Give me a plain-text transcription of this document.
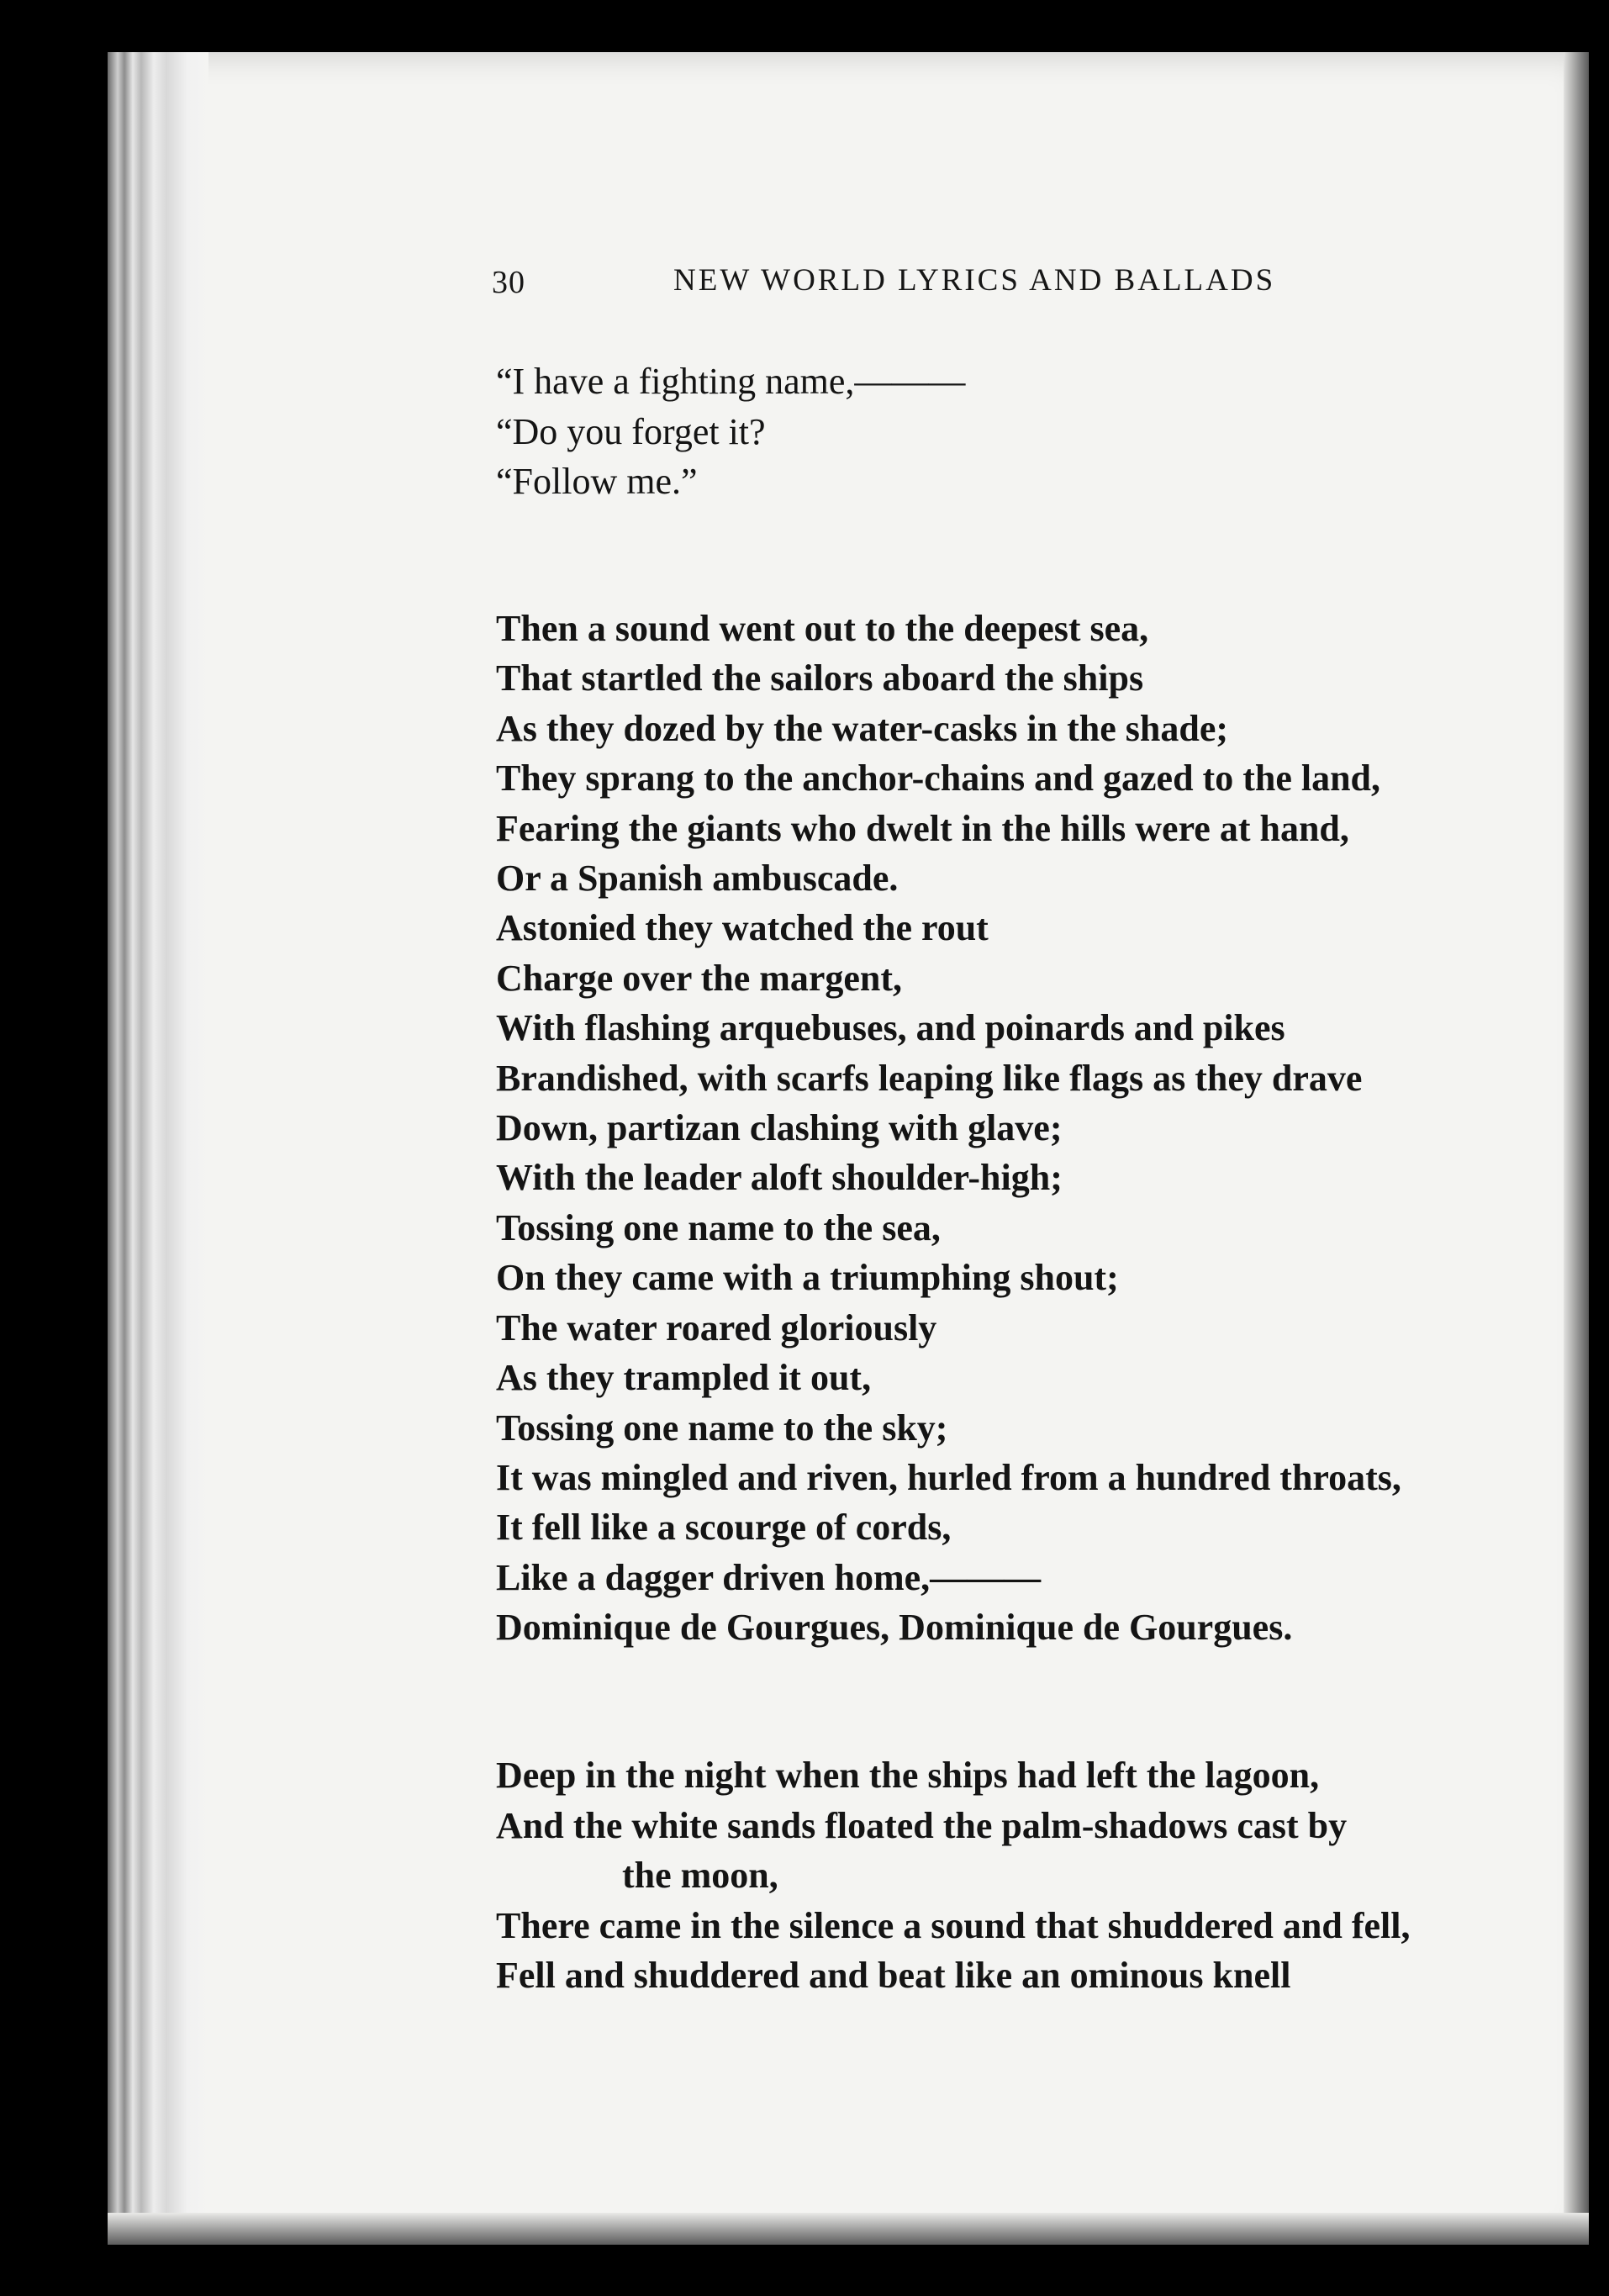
30	NEW WORLD LYRICS AND BALLADS
“I have a fighting name,———
“Do you forget it?
“Follow me.”
Then a sound went out to the deepest sea,
That startled the sailors aboard the ships
As they dozed by the water-casks in the shade;
They sprang to the anchor-chains and gazed to the land,
Fearing the giants who dwelt in the hills were at hand,
Or a Spanish ambuscade.
Astonied they watched the rout
Charge over the margent,
With flashing arquebuses, and poinards and pikes
Brandished, with scarfs leaping like flags as they drave
Down, partizan clashing with glave;
With the leader aloft shoulder-high;
Tossing one name to the sea,
On they came with a triumphing shout;
The water roared gloriously
As they trampled it out,
Tossing one name to the sky;
It was mingled and riven, hurled from a hundred throats,
It fell like a scourge of cords,
Like a dagger driven home,———
Dominique de Gourgues, Dominique de Gourgues.
Deep in the night when the ships had left the lagoon,
And the white sands floated the palm-shadows cast by
the moon,
There came in the silence a sound that shuddered and fell,
Fell and shuddered and beat like an ominous knell
